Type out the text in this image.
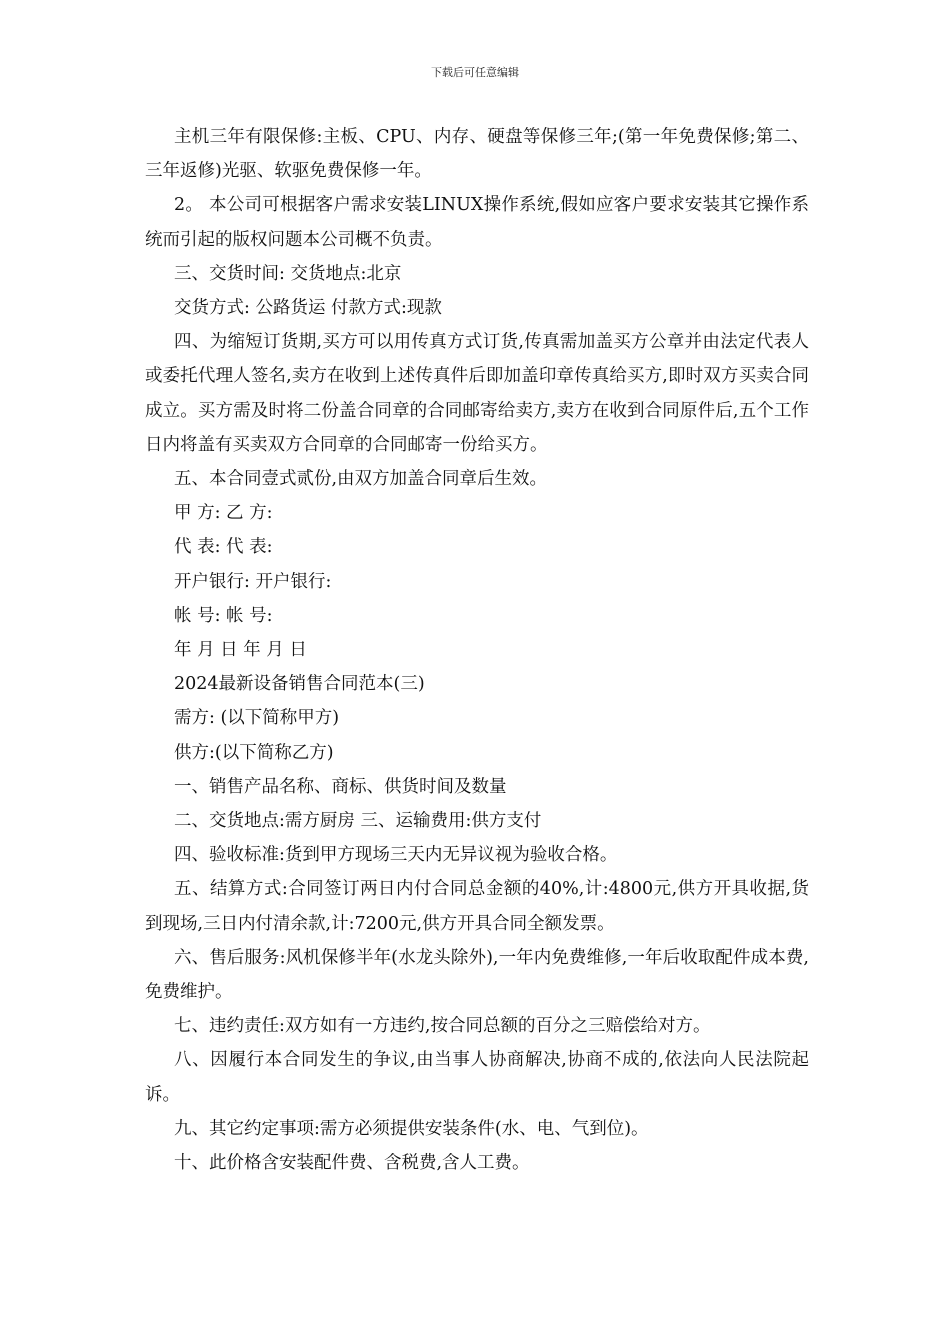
下载后可任意编辑

主机三年有限保修:主板、CPU、内存、硬盘等保修三年;(第一年免费保修;第二、三年返修)光驱、软驱免费保修一年。

2。 本公司可根据客户需求安装LINUX操作系统,假如应客户要求安装其它操作系统而引起的版权问题本公司概不负责。

三、交货时间: 交货地点:北京

交货方式: 公路货运 付款方式:现款

四、为缩短订货期,买方可以用传真方式订货,传真需加盖买方公章并由法定代表人或委托代理人签名,卖方在收到上述传真件后即加盖印章传真给买方,即时双方买卖合同成立。买方需及时将二份盖合同章的合同邮寄给卖方,卖方在收到合同原件后,五个工作日内将盖有买卖双方合同章的合同邮寄一份给买方。

五、本合同壹式贰份,由双方加盖合同章后生效。

甲 方: 乙 方:

代 表: 代 表:

开户银行: 开户银行:

帐 号: 帐 号:

年 月 日 年 月 日

2024最新设备销售合同范本(三)

需方: (以下简称甲方)

供方:(以下简称乙方)

一、销售产品名称、商标、供货时间及数量

二、交货地点:需方厨房 三、运输费用:供方支付

四、验收标准:货到甲方现场三天内无异议视为验收合格。

五、结算方式:合同签订两日内付合同总金额的40%,计:4800元,供方开具收据,货到现场,三日内付清余款,计:7200元,供方开具合同全额发票。

六、售后服务:风机保修半年(水龙头除外),一年内免费维修,一年后收取配件成本费,免费维护。

七、违约责任:双方如有一方违约,按合同总额的百分之三赔偿给对方。

八、因履行本合同发生的争议,由当事人协商解决,协商不成的,依法向人民法院起诉。

九、其它约定事项:需方必须提供安装条件(水、电、气到位)。

十、此价格含安装配件费、含税费,含人工费。
